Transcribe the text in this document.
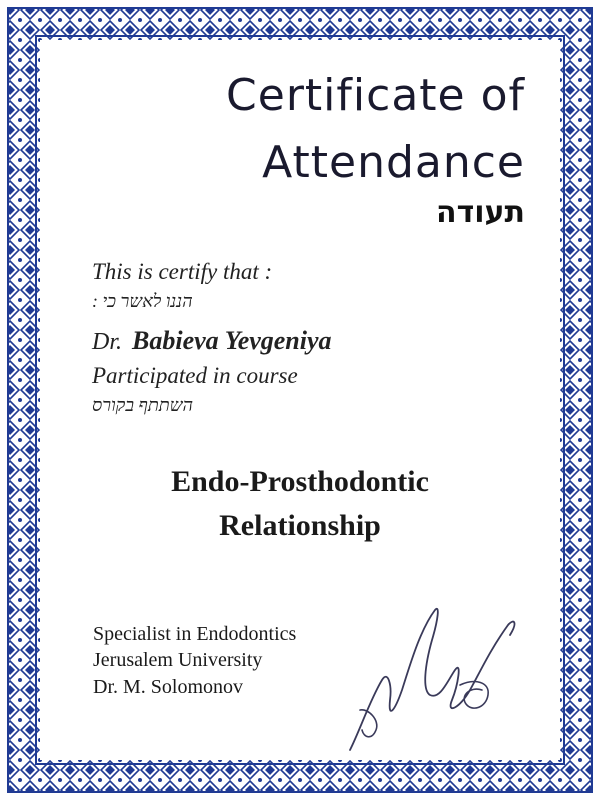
Certificate of
Attendance
תעודה
This is certify that :
הננו לאשר כי :
Dr. Babieva Yevgeniya
Participated in course
השתתף בקורס
Endo-Prosthodontic
Relationship
Specialist in Endodontics
Jerusalem University
Dr. M. Solomonov
